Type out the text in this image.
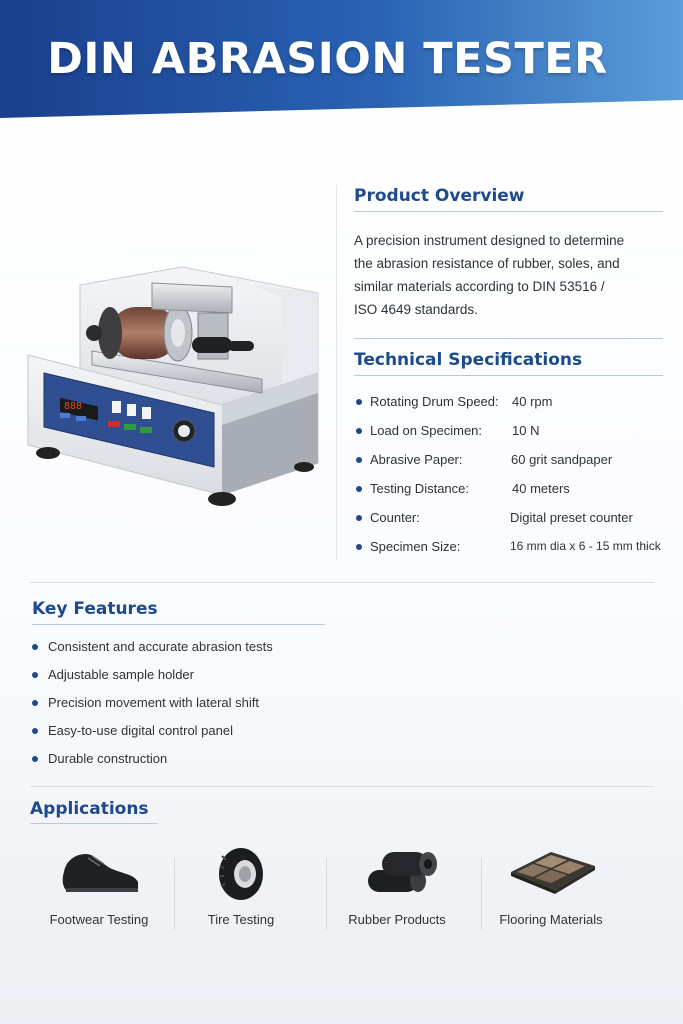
DIN ABRASION TESTER
888
Product Overview
A precision instrument designed to determine
the abrasion resistance of rubber, soles, and
similar materials according to DIN 53516 /
ISO 4649 standards.
Technical Specifications
Rotating Drum Speed: 40 rpm
Load on Specimen: 10 N
Abrasive Paper:	60 grit sandpaper
Testing Distance:	40 meters
Counter:	Digital preset counter
Specimen Size:	16 mm dia x 6 - 15 mm thick
Key Features
Consistent and accurate abrasion tests
Adjustable sample holder
Precision movement with lateral shift
Easy-to-use digital control panel
Durable construction
Applications
Footwear Testing	Tire Testing	Rubber Products	Flooring Materials
